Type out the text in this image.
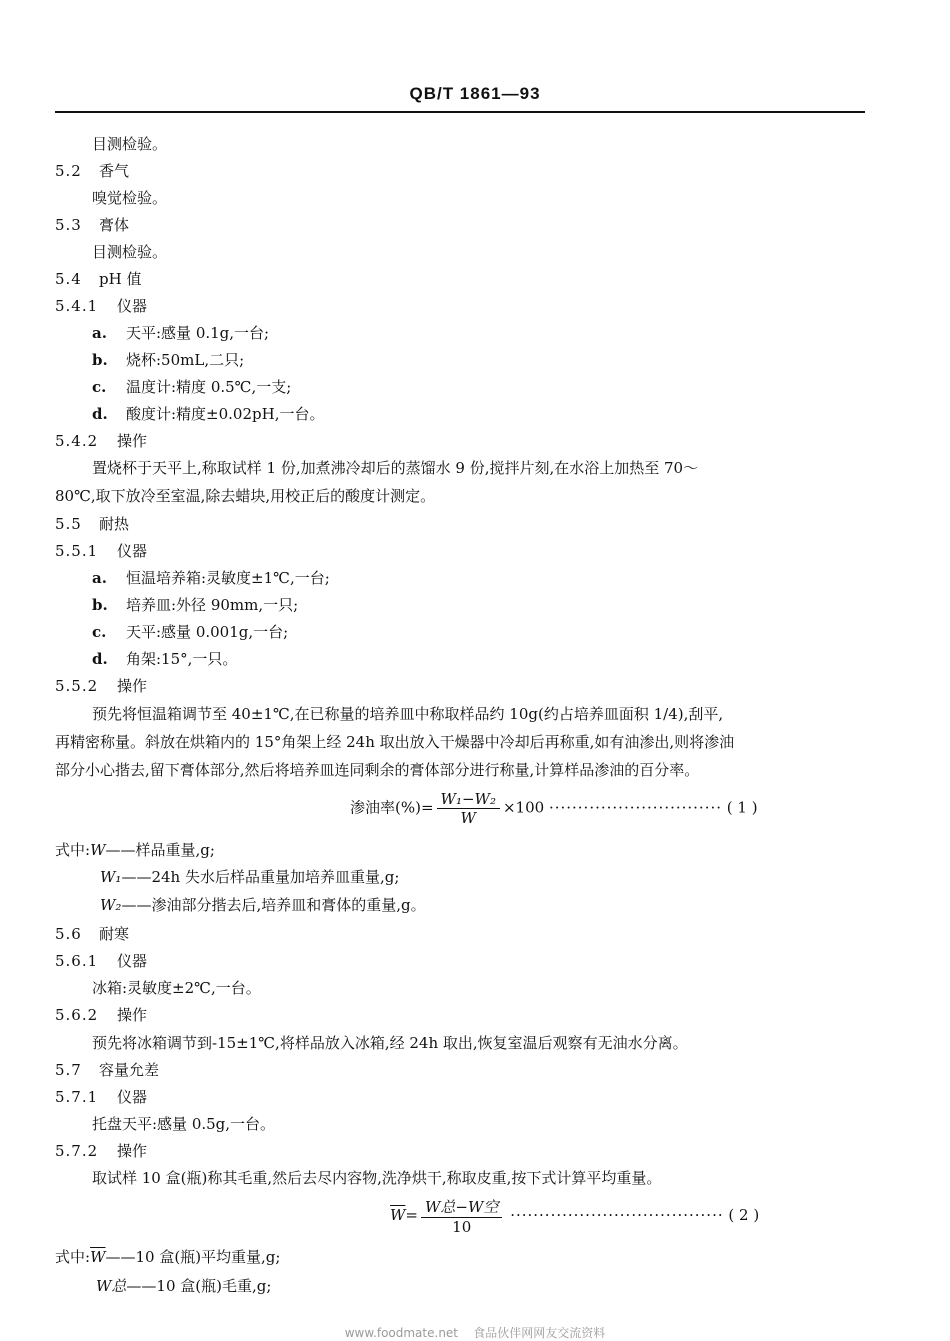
QB/T 1861—93
目测检验。
5.2 香气
嗅觉检验。
5.3 膏体
目测检验。
5.4 pH 值
5.4.1 仪器
a. 天平:感量 0.1g,一台;
b. 烧杯:50mL,二只;
c. 温度计:精度 0.5℃,一支;
d. 酸度计:精度±0.02pH,一台。
5.4.2 操作
置烧杯于天平上,称取试样 1 份,加煮沸冷却后的蒸馏水 9 份,搅拌片刻,在水浴上加热至 70～
80℃,取下放冷至室温,除去蜡块,用校正后的酸度计测定。
5.5 耐热
5.5.1 仪器
a. 恒温培养箱:灵敏度±1℃,一台;
b. 培养皿:外径 90mm,一只;
c. 天平:感量 0.001g,一台;
d. 角架:15°,一只。
5.5.2 操作
预先将恒温箱调节至 40±1℃,在已称量的培养皿中称取样品约 10g(约占培养皿面积 1/4),刮平,
再精密称量。斜放在烘箱内的 15°角架上经 24h 取出放入干燥器中冷却后再称重,如有油渗出,则将渗油
部分小心揩去,留下膏体部分,然后将培养皿连同剩余的膏体部分进行称量,计算样品渗油的百分率。
渗油率(%)= $\frac{\text{W₁−W₂}}{W} \times 100$ ······························ ( 1 )
式中:W——样品重量,g;
W₁——24h 失水后样品重量加培养皿重量,g;
W₂——渗油部分揩去后,培养皿和膏体的重量,g。
5.6 耐寒
5.6.1 仪器
冰箱:灵敏度±2℃,一台。
5.6.2 操作
预先将冰箱调节到-15±1℃,将样品放入冰箱,经 24h 取出,恢复室温后观察有无油水分离。
5.7 容量允差
5.7.1 仪器
托盘天平:感量 0.5g,一台。
5.7.2 操作
取试样 10 盒(瓶)称其毛重,然后去尽内容物,洗净烘干,称取皮重,按下式计算平均重量。
$\overline{W}= \frac{\text{W总−W空}}{10}$ ····································· ( 2 )
式中$:\overline{W}——10$ 盒(瓶)平均重量,g;
W总——10 盒(瓶)毛重,g;
www.foodmate.net 食品伙伴网网友交流资料
